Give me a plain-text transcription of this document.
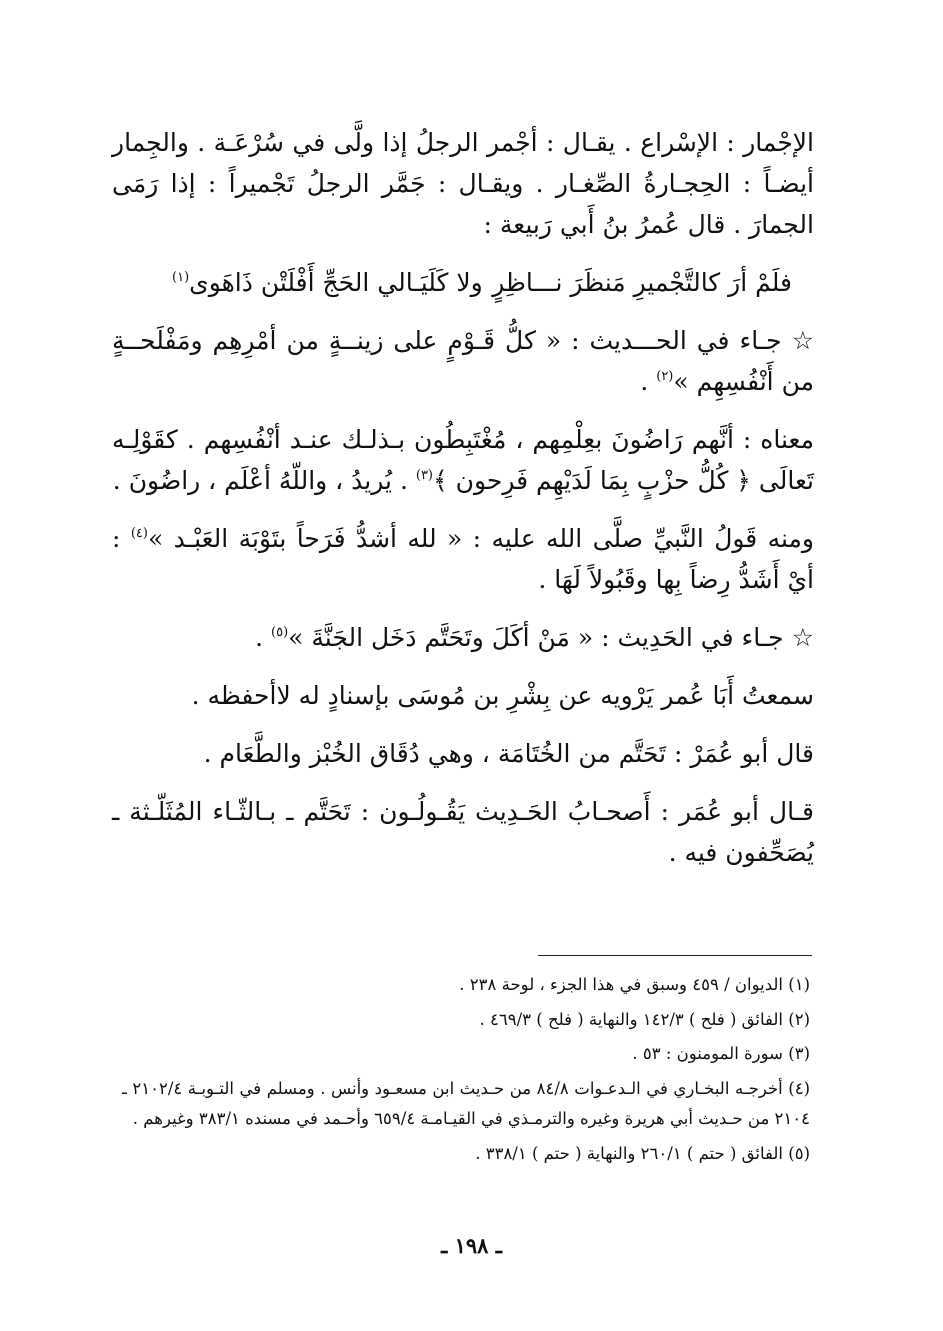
الإجْمار : الإسْراع . يقـال : أجْمر الرجلُ إذا ولَّى في سُرْعَـة . والجِمار أيضـاً : الحِجـارةُ الصِّغـار . ويقـال : جَمَّر الرجلُ تَجْميراً : إذا رَمَى الجمارَ . قال عُمرُ بنُ أَبي رَبيعة :

فلَمْ أرَ كالتَّجْميرِ مَنظَرَ نـــاظِرٍ
ولا كَلَيَـالي الحَجِّ أَفْلَتْن ذَاهَوى$^{(١)}$

☆ جـاء في الحـــديث : « كلُّ قَـوْمٍ على زينــةٍ من أمْرِهِم ومَفْلَحــةٍ من أَنْفُسِهِم »$^{(٢)}$ .

معناه : أنَّهم رَاضُونَ بعِلْمِهم ، مُغْتَبِطُون بـذلـك عنـد أنْفُسِهم . كقَوْلِـه تَعالَى ﴿ كُلُّ حزْبٍ بِمَا لَدَيْهِم فَرِحون ﴾$^{(٣)}$ . يُريدُ ، واللّهُ أعْلَم ، راضُونَ .

ومنه قَولُ النَّبيِّ صلَّى الله عليه : « لله أشدُّ فَرَحاً بتَوْبَة العَبْـد »$^{(٤)}$ : أيْ أَشَدُّ رِضاً بِها وقَبُولاً لَهَا .

☆ جـاء في الحَدِيث : « مَنْ أكَلَ وتَحَتَّم دَخَل الجَنَّةَ »$^{(٥)}$ .

سمعتُ أَبَا عُمر يَرْويه عن بِشْرِ بن مُوسَى بإسنادٍ له لاأحفظه .

قال أبو عُمَرْ : تَحَتَّم من الخُتَامَة ، وهي دُقَاق الخُبْز والطَّعَام .

قـال أبو عُمَر : أَصحـابُ الحَـدِيث يَقُـولُـون : تَحَتَّم ـ بـالثّـاء المُثَلّـثة ـ يُصَحِّفون فيه .

(١) الديوان / ٤٥٩ وسبق في هذا الجزء ، لوحة ٢٣٨ .

(٢) الفائق ( فلح ) ١٤٢/٣ والنهاية ( فلح ) ٤٦٩/٣ .

(٣) سورة المومنون : ٥٣ .

(٤) أخرجـه البخـاري في الـدعـوات ٨٤/٨ من حـديث ابن مسعـود وأنس . ومسلم في التـوبـة ٢١٠٢/٤ ـ ٢١٠٤ من حـديث أبي هريرة وغيره والترمـذي في القيـامـة ٦٥٩/٤ وأحـمد في مسنده ٣٨٣/١ وغيرهم .

(٥) الفائق ( حتم ) ٢٦٠/١ والنهاية ( حتم ) ٣٣٨/١ .

ـ ١٩٨ ـ
